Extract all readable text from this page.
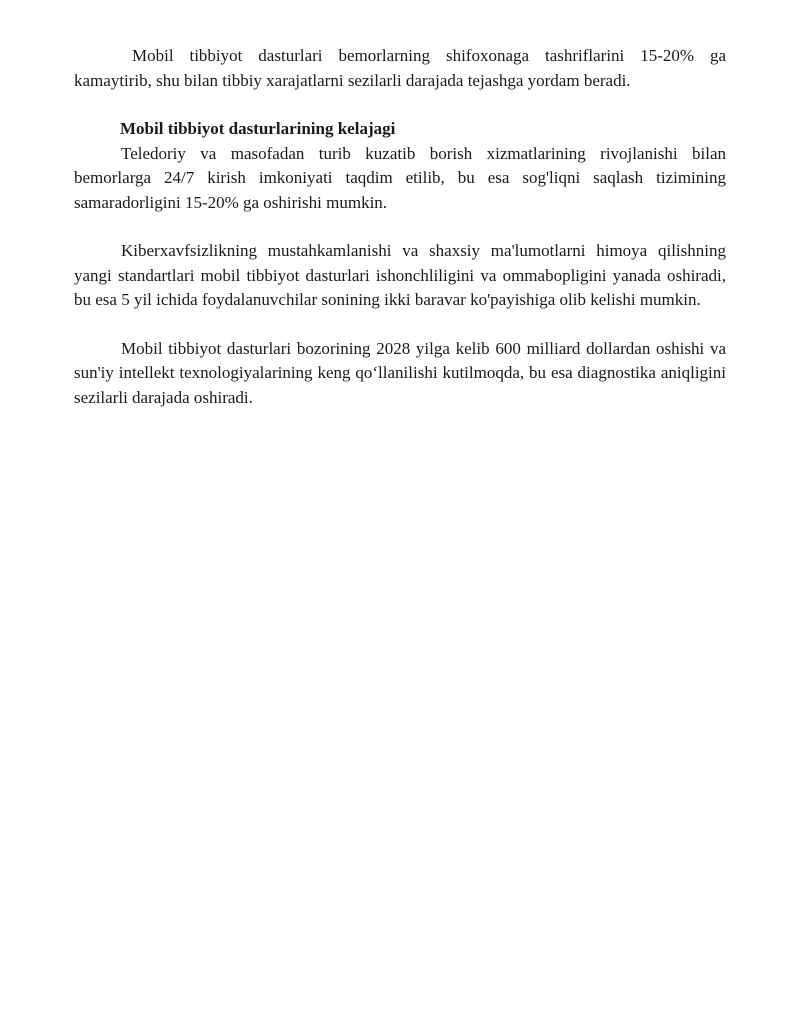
Mobil tibbiyot dasturlari bemorlarning shifoxonaga tashriflarini 15-20% ga kamaytirib, shu bilan tibbiy xarajatlarni sezilarli darajada tejashga yordam beradi.

Mobil tibbiyot dasturlarining kelajagi

Teledoriy va masofadan turib kuzatib borish xizmatlarining rivojlanishi bilan bemorlarga 24/7 kirish imkoniyati taqdim etilib, bu esa sog'liqni saqlash tizimining samaradorligini 15-20% ga oshirishi mumkin.

Kiberxavfsizlikning mustahkamlanishi va shaxsiy ma'lumotlarni himoya qilishning yangi standartlari mobil tibbiyot dasturlari ishonchliligini va ommabopligini yanada oshiradi, bu esa 5 yil ichida foydalanuvchilar sonining ikki baravar ko'payishiga olib kelishi mumkin.

Mobil tibbiyot dasturlari bozorining 2028 yilga kelib 600 milliard dollardan oshishi va sun'iy intellekt texnologiyalarining keng qo‘llanilishi kutilmoqda, bu esa diagnostika aniqligini sezilarli darajada oshiradi.
